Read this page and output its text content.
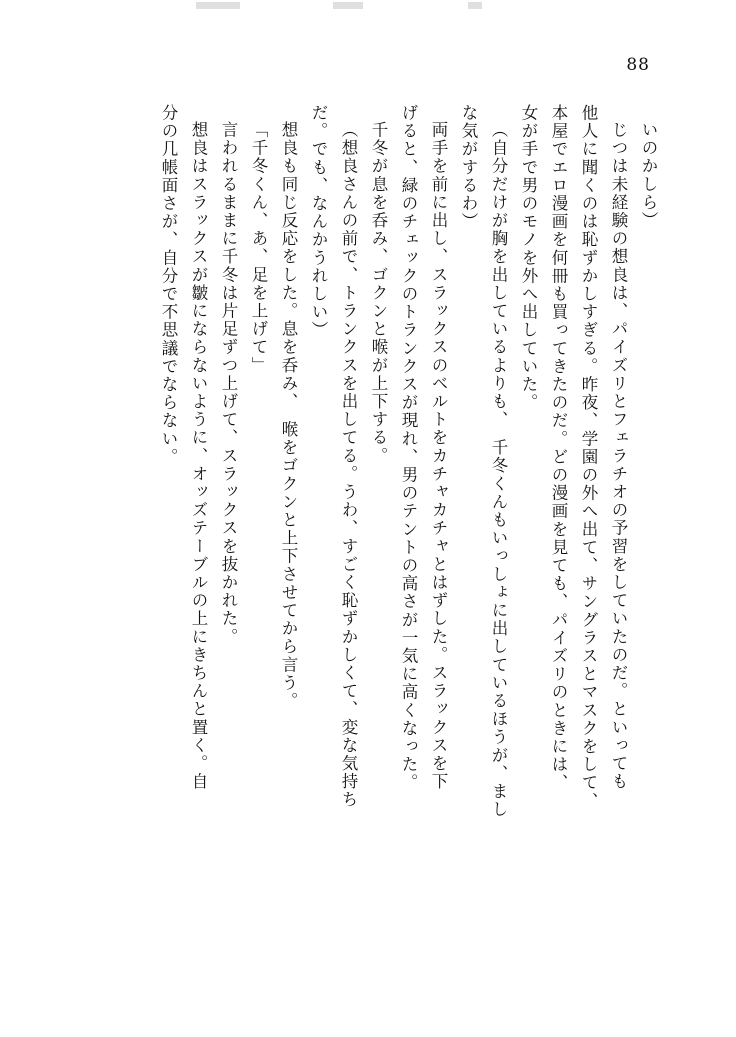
88
いのかしら）
じつは未経験の想良は、パイズリとフェラチオの予習をしていたのだ。といっても
他人に聞くのは恥ずかしすぎる。昨夜、学園の外へ出て、サングラスとマスクをして、
本屋でエロ漫画を何冊も買ってきたのだ。どの漫画を見ても、パイズリのときには、
女が手で男のモノを外へ出していた。
（自分だけが胸を出しているよりも、　千冬くんもいっしょに出しているほうが、まし
な気がするわ）
両手を前に出し、スラックスのベルトをカチャカチャとはずした。スラックスを下
げると、緑のチェックのトランクスが現れ、男のテントの高さが一気に高くなった。
千冬が息を呑み、ゴクンと喉が上下する。
（想良さんの前で、トランクスを出してる。うわ、すごく恥ずかしくて、変な気持ち
だ。でも、なんかうれしい）
想良も同じ反応をした。息を呑み、　喉をゴクンと上下させてから言う。
「千冬くん、あ、足を上げて」
言われるままに千冬は片足ずつ上げて、スラックスを抜かれた。
想良はスラックスが皺にならないように、オッズテーブルの上にきちんと置く。自
分の几帳面さが、自分で不思議でならない。
